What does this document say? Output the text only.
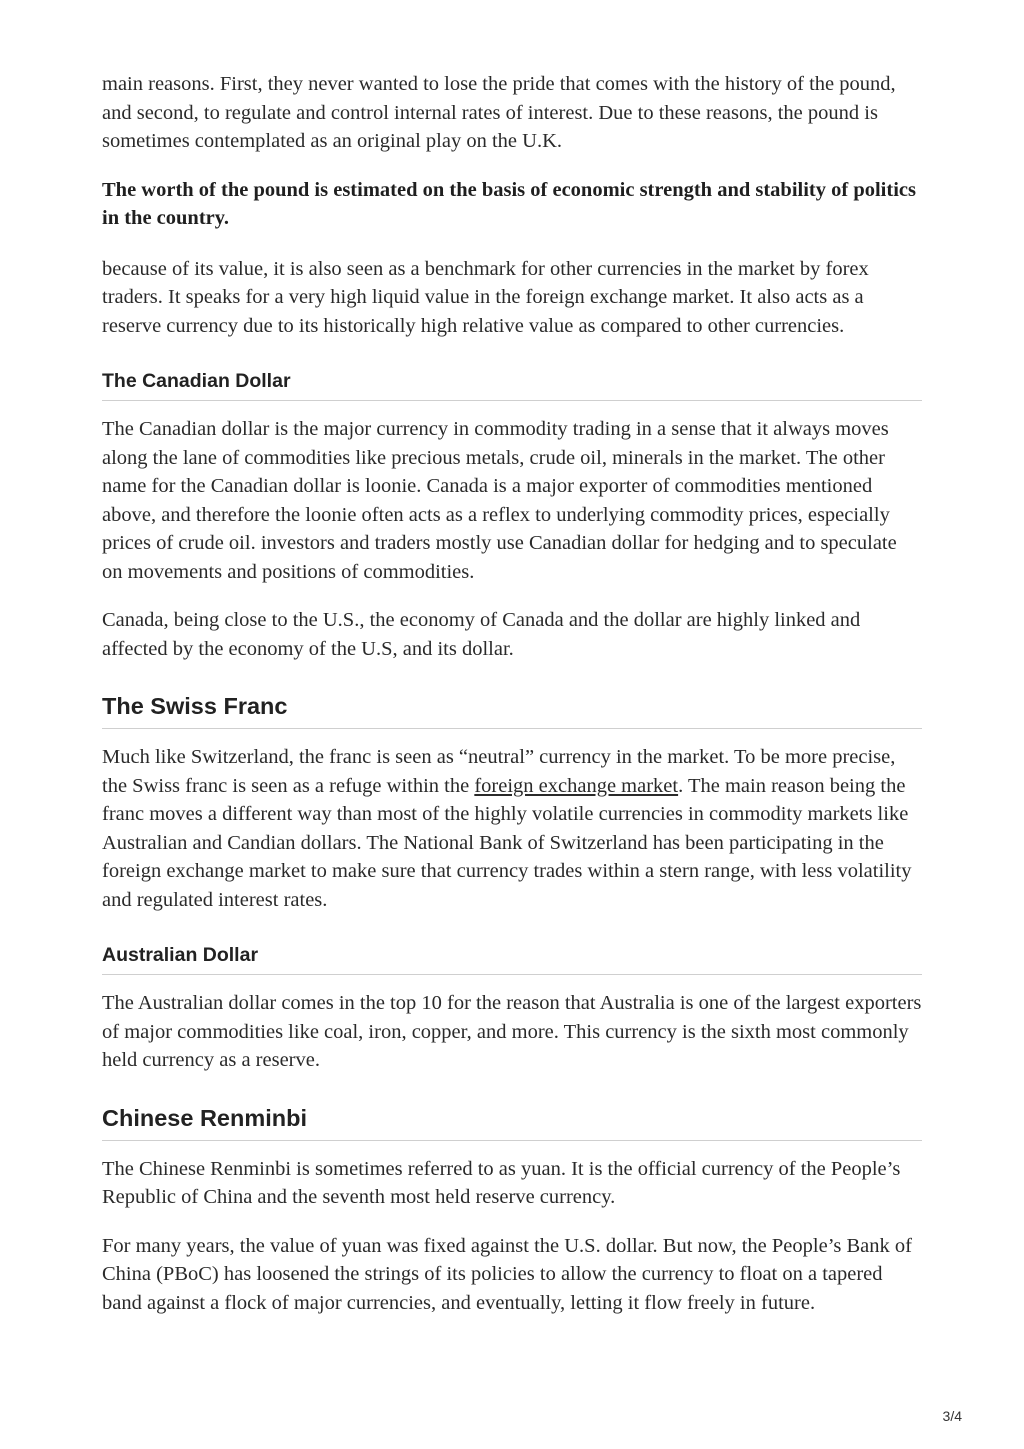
main reasons. First, they never wanted to lose the pride that comes with the history of the pound, and second, to regulate and control internal rates of interest. Due to these reasons, the pound is sometimes contemplated as an original play on the U.K.

The worth of the pound is estimated on the basis of economic strength and stability of politics in the country.

because of its value, it is also seen as a benchmark for other currencies in the market by forex traders. It speaks for a very high liquid value in the foreign exchange market. It also acts as a reserve currency due to its historically high relative value as compared to other currencies.

The Canadian Dollar

The Canadian dollar is the major currency in commodity trading in a sense that it always moves along the lane of commodities like precious metals, crude oil, minerals in the market. The other name for the Canadian dollar is loonie. Canada is a major exporter of commodities mentioned above, and therefore the loonie often acts as a reflex to underlying commodity prices, especially prices of crude oil. investors and traders mostly use Canadian dollar for hedging and to speculate on movements and positions of commodities.

Canada, being close to the U.S., the economy of Canada and the dollar are highly linked and affected by the economy of the U.S, and its dollar.

The Swiss Franc

Much like Switzerland, the franc is seen as “neutral” currency in the market. To be more precise, the Swiss franc is seen as a refuge within the foreign exchange market. The main reason being the franc moves a different way than most of the highly volatile currencies in commodity markets like Australian and Candian dollars. The National Bank of Switzerland has been participating in the foreign exchange market to make sure that currency trades within a stern range, with less volatility and regulated interest rates.

Australian Dollar

The Australian dollar comes in the top 10 for the reason that Australia is one of the largest exporters of major commodities like coal, iron, copper, and more. This currency is the sixth most commonly held currency as a reserve.

Chinese Renminbi

The Chinese Renminbi is sometimes referred to as yuan. It is the official currency of the People’s Republic of China and the seventh most held reserve currency.

For many years, the value of yuan was fixed against the U.S. dollar. But now, the People’s Bank of China (PBoC) has loosened the strings of its policies to allow the currency to float on a tapered band against a flock of major currencies, and eventually, letting it flow freely in future.

3/4
